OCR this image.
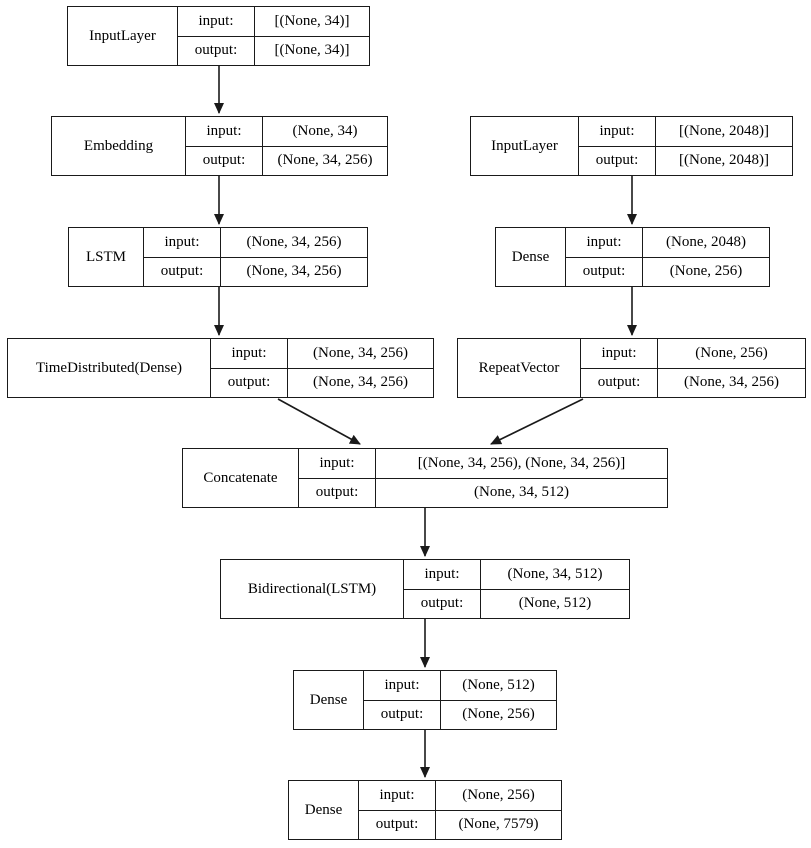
InputLayer
input:	[(None, 34)]
output:	[(None, 34)]
Embedding
input:	(None, 34)
output:	(None, 34, 256)
LSTM
input:	(None, 34, 256)
output:	(None, 34, 256)
TimeDistributed(Dense)
input:	(None, 34, 256)
output:	(None, 34, 256)
InputLayer
input:	[(None, 2048)]
output:	[(None, 2048)]
Dense
input:	(None, 2048)
output:	(None, 256)
RepeatVector
input:	(None, 256)
output:	(None, 34, 256)
Concatenate
input:	[(None, 34, 256), (None, 34, 256)]
output:	(None, 34, 512)
Bidirectional(LSTM)
input:	(None, 34, 512)
output:	(None, 512)
Dense
input:	(None, 512)
output:	(None, 256)
Dense
input:	(None, 256)
output:	(None, 7579)
